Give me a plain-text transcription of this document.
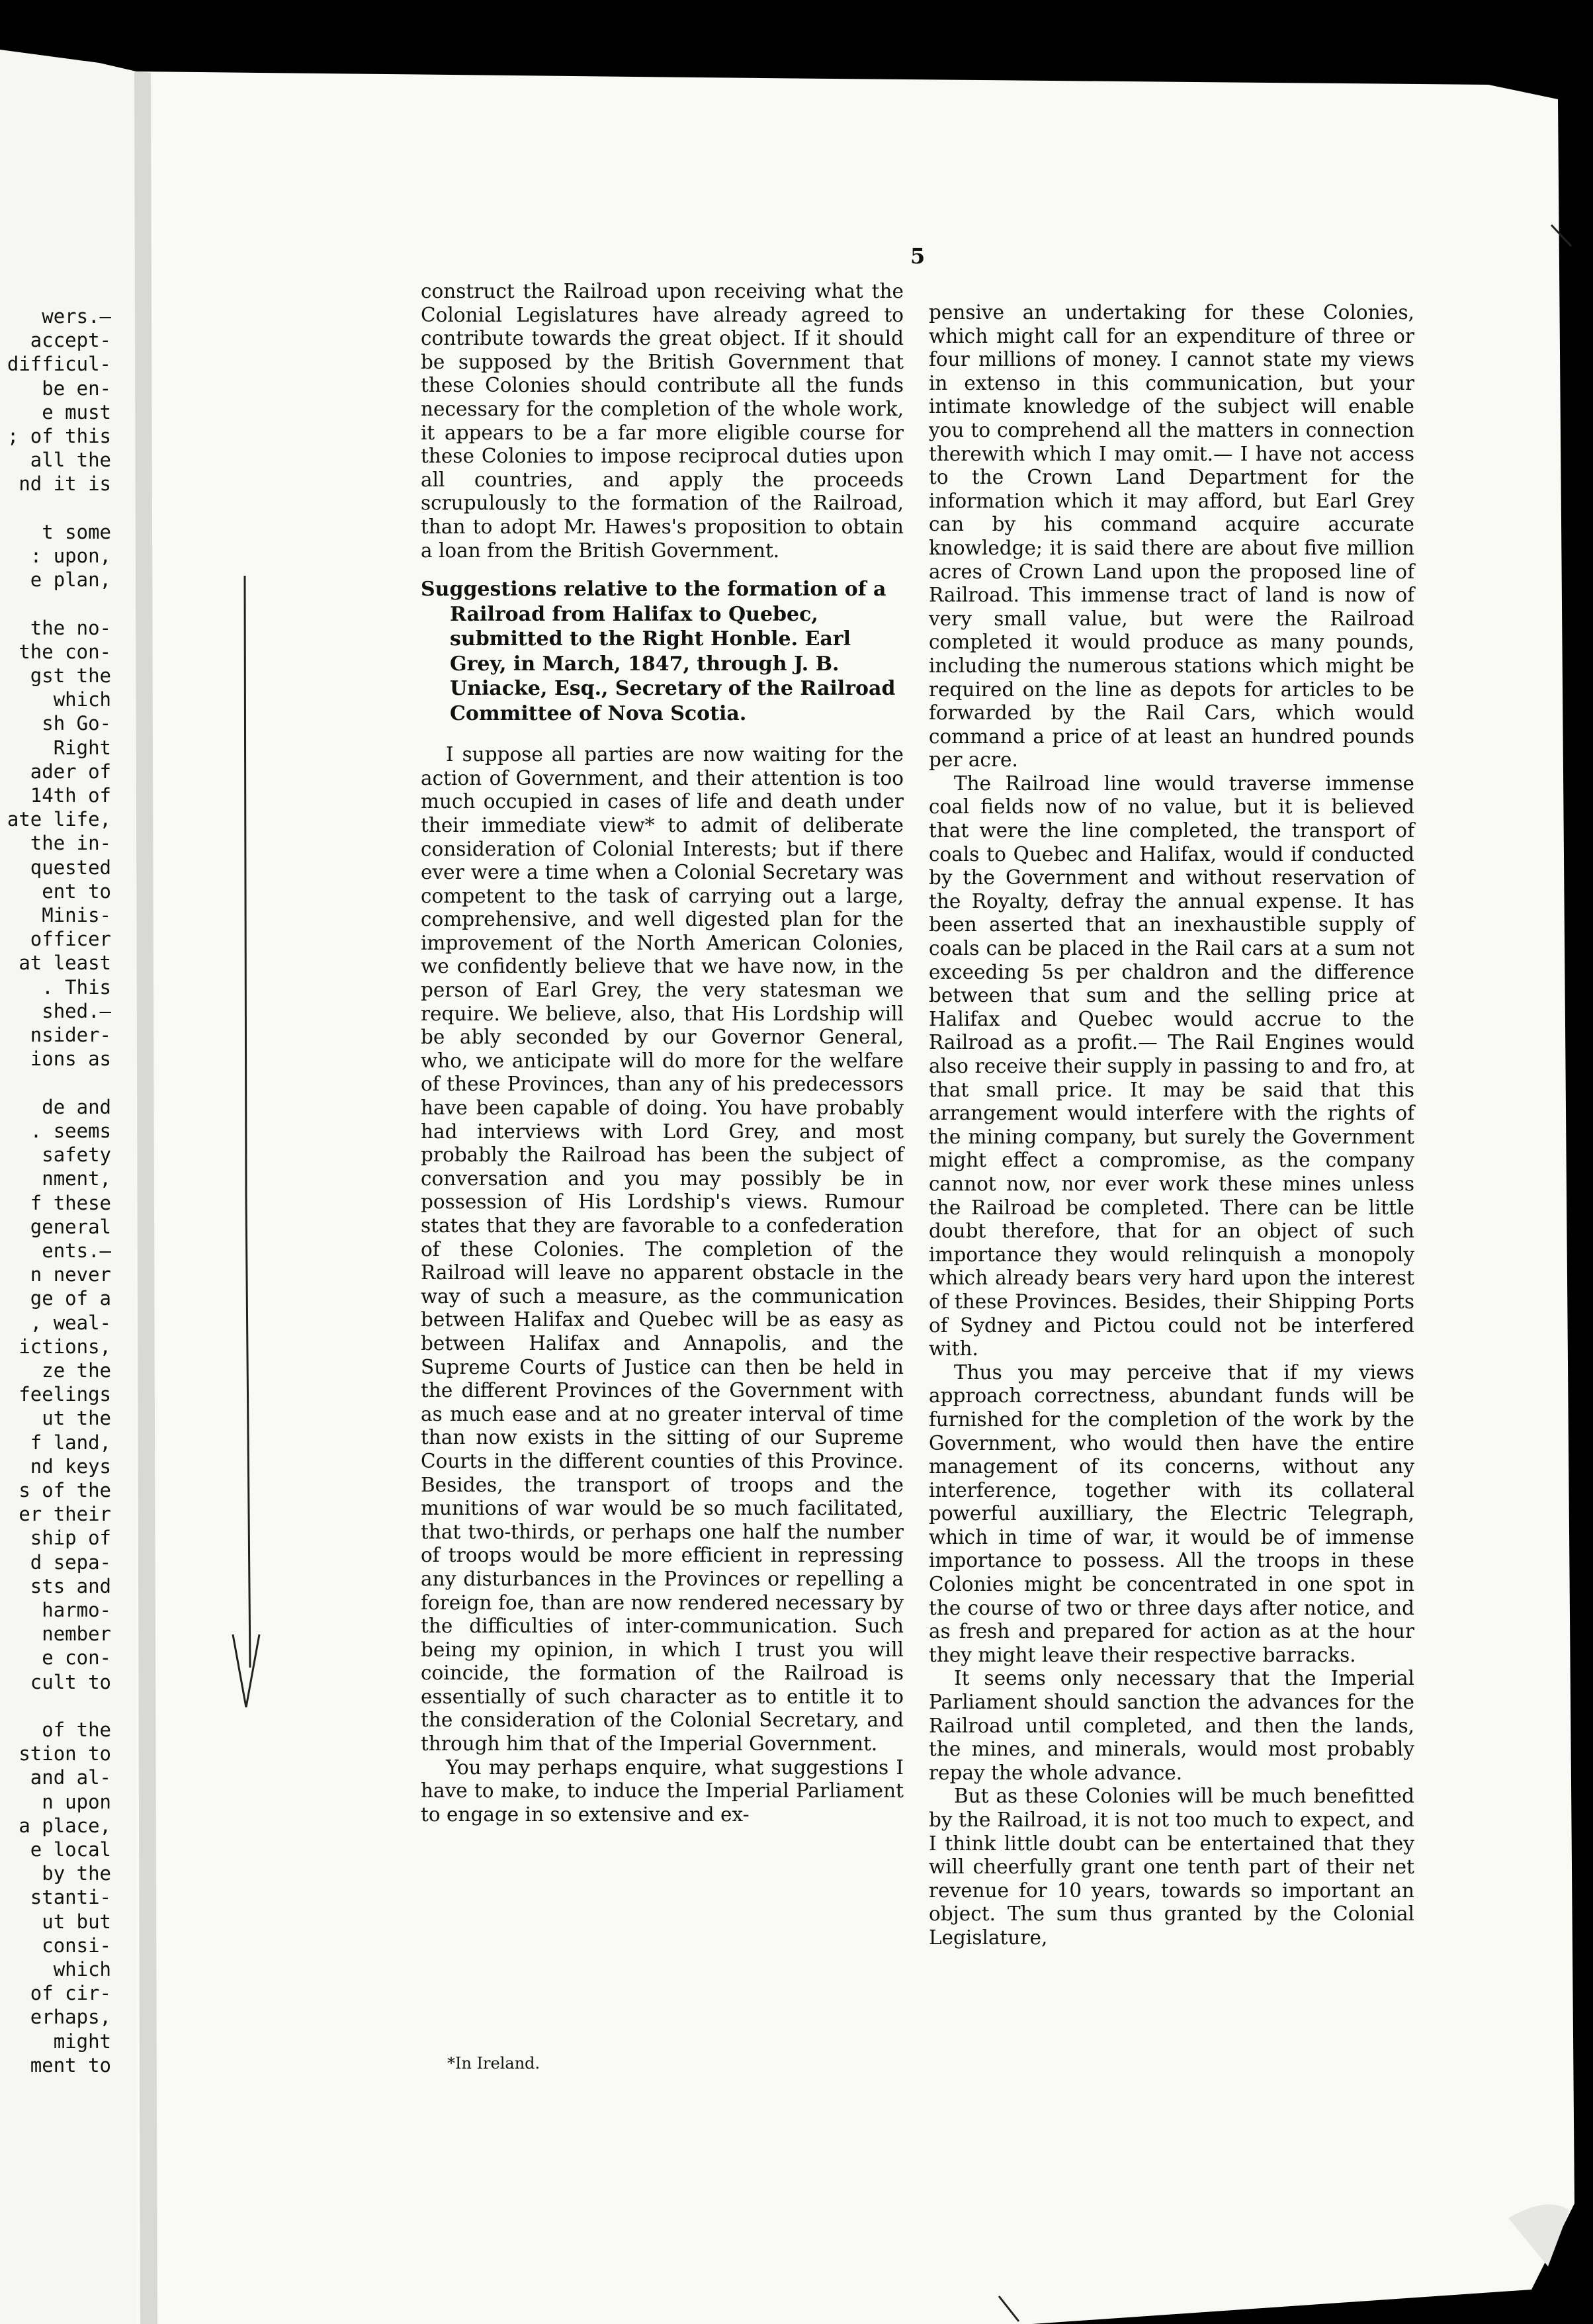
wers.—
accept-
difficul-
be en-
e must
; of this
all the
nd it is

t some
: upon,
e plan,

the no-
the con-
gst the
which
sh Go-
Right
ader of
14th of
ate life,
the in-
quested
ent to
Minis-
officer
at least
. This
shed.—
nsider-
ions as

de and
. seems
safety
nment,
f these
general
ents.—
n never
ge of a
, weal-
ictions,
ze the
feelings
ut the
f land,
nd keys
s of the
er their
ship of
d sepa-
sts and
harmo-
nember
e con-
cult to

of the
stion to
and al-
n upon
a place,
e local
by the
stanti-
ut but
consi-
which
of cir-
erhaps,
might
ment to
5

construct the Railroad upon receiving what the Colonial Legislatures have already agreed to contribute towards the great object. If it should be supposed by the British Government that these Colonies should contribute all the funds necessary for the completion of the whole work, it appears to be a far more eligible course for these Colonies to impose reciprocal duties upon all countries, and apply the proceeds scrupulously to the formation of the Railroad, than to adopt Mr. Hawes's proposition to obtain a loan from the British Government.

Suggestions relative to the formation of a Railroad from Halifax to Quebec, submitted to the Right Honble. Earl Grey, in March, 1847, through J. B. Uniacke, Esq., Secretary of the Railroad Committee of Nova Scotia.

I suppose all parties are now waiting for the action of Government, and their attention is too much occupied in cases of life and death under their immediate view* to admit of deliberate consideration of Colonial Interests; but if there ever were a time when a Colonial Secretary was competent to the task of carrying out a large, comprehensive, and well digested plan for the improvement of the North American Colonies, we confidently believe that we have now, in the person of Earl Grey, the very statesman we require. We believe, also, that His Lordship will be ably seconded by our Governor General, who, we anticipate will do more for the welfare of these Provinces, than any of his predecessors have been capable of doing. You have probably had interviews with Lord Grey, and most probably the Railroad has been the subject of conversation and you may possibly be in possession of His Lordship's views. Rumour states that they are favorable to a confederation of these Colonies. The completion of the Railroad will leave no apparent obstacle in the way of such a measure, as the communication between Halifax and Quebec will be as easy as between Halifax and Annapolis, and the Supreme Courts of Justice can then be held in the different Provinces of the Government with as much ease and at no greater interval of time than now exists in the sitting of our Supreme Courts in the different counties of this Province. Besides, the transport of troops and the munitions of war would be so much facilitated, that two-thirds, or perhaps one half the number of troops would be more efficient in repressing any disturbances in the Provinces or repelling a foreign foe, than are now rendered necessary by the difficulties of inter-communication. Such being my opinion, in which I trust you will coincide, the formation of the Railroad is essentially of such character as to entitle it to the consideration of the Colonial Secretary, and through him that of the Imperial Government.

You may perhaps enquire, what suggestions I have to make, to induce the Imperial Parliament to engage in so extensive and ex-

*In Ireland.

pensive an undertaking for these Colonies, which might call for an expenditure of three or four millions of money. I cannot state my views in extenso in this communication, but your intimate knowledge of the subject will enable you to comprehend all the matters in connection therewith which I may omit.— I have not access to the Crown Land Department for the information which it may afford, but Earl Grey can by his command acquire accurate knowledge; it is said there are about five million acres of Crown Land upon the proposed line of Railroad. This immense tract of land is now of very small value, but were the Railroad completed it would produce as many pounds, including the numerous stations which might be required on the line as depots for articles to be forwarded by the Rail Cars, which would command a price of at least an hundred pounds per acre.

The Railroad line would traverse immense coal fields now of no value, but it is believed that were the line completed, the transport of coals to Quebec and Halifax, would if conducted by the Government and without reservation of the Royalty, defray the annual expense. It has been asserted that an inexhaustible supply of coals can be placed in the Rail cars at a sum not exceeding 5s per chaldron and the difference between that sum and the selling price at Halifax and Quebec would accrue to the Railroad as a profit.— The Rail Engines would also receive their supply in passing to and fro, at that small price. It may be said that this arrangement would interfere with the rights of the mining company, but surely the Government might effect a compromise, as the company cannot now, nor ever work these mines unless the Railroad be completed. There can be little doubt therefore, that for an object of such importance they would relinquish a monopoly which already bears very hard upon the interest of these Provinces. Besides, their Shipping Ports of Sydney and Pictou could not be interfered with.

Thus you may perceive that if my views approach correctness, abundant funds will be furnished for the completion of the work by the Government, who would then have the entire management of its concerns, without any interference, together with its collateral powerful auxilliary, the Electric Telegraph, which in time of war, it would be of immense importance to possess. All the troops in these Colonies might be concentrated in one spot in the course of two or three days after notice, and as fresh and prepared for action as at the hour they might leave their respective barracks.

It seems only necessary that the Imperial Parliament should sanction the advances for the Railroad until completed, and then the lands, the mines, and minerals, would most probably repay the whole advance.

But as these Colonies will be much benefitted by the Railroad, it is not too much to expect, and I think little doubt can be entertained that they will cheerfully grant one tenth part of their net revenue for 10 years, towards so important an object. The sum thus granted by the Colonial Legislature,
